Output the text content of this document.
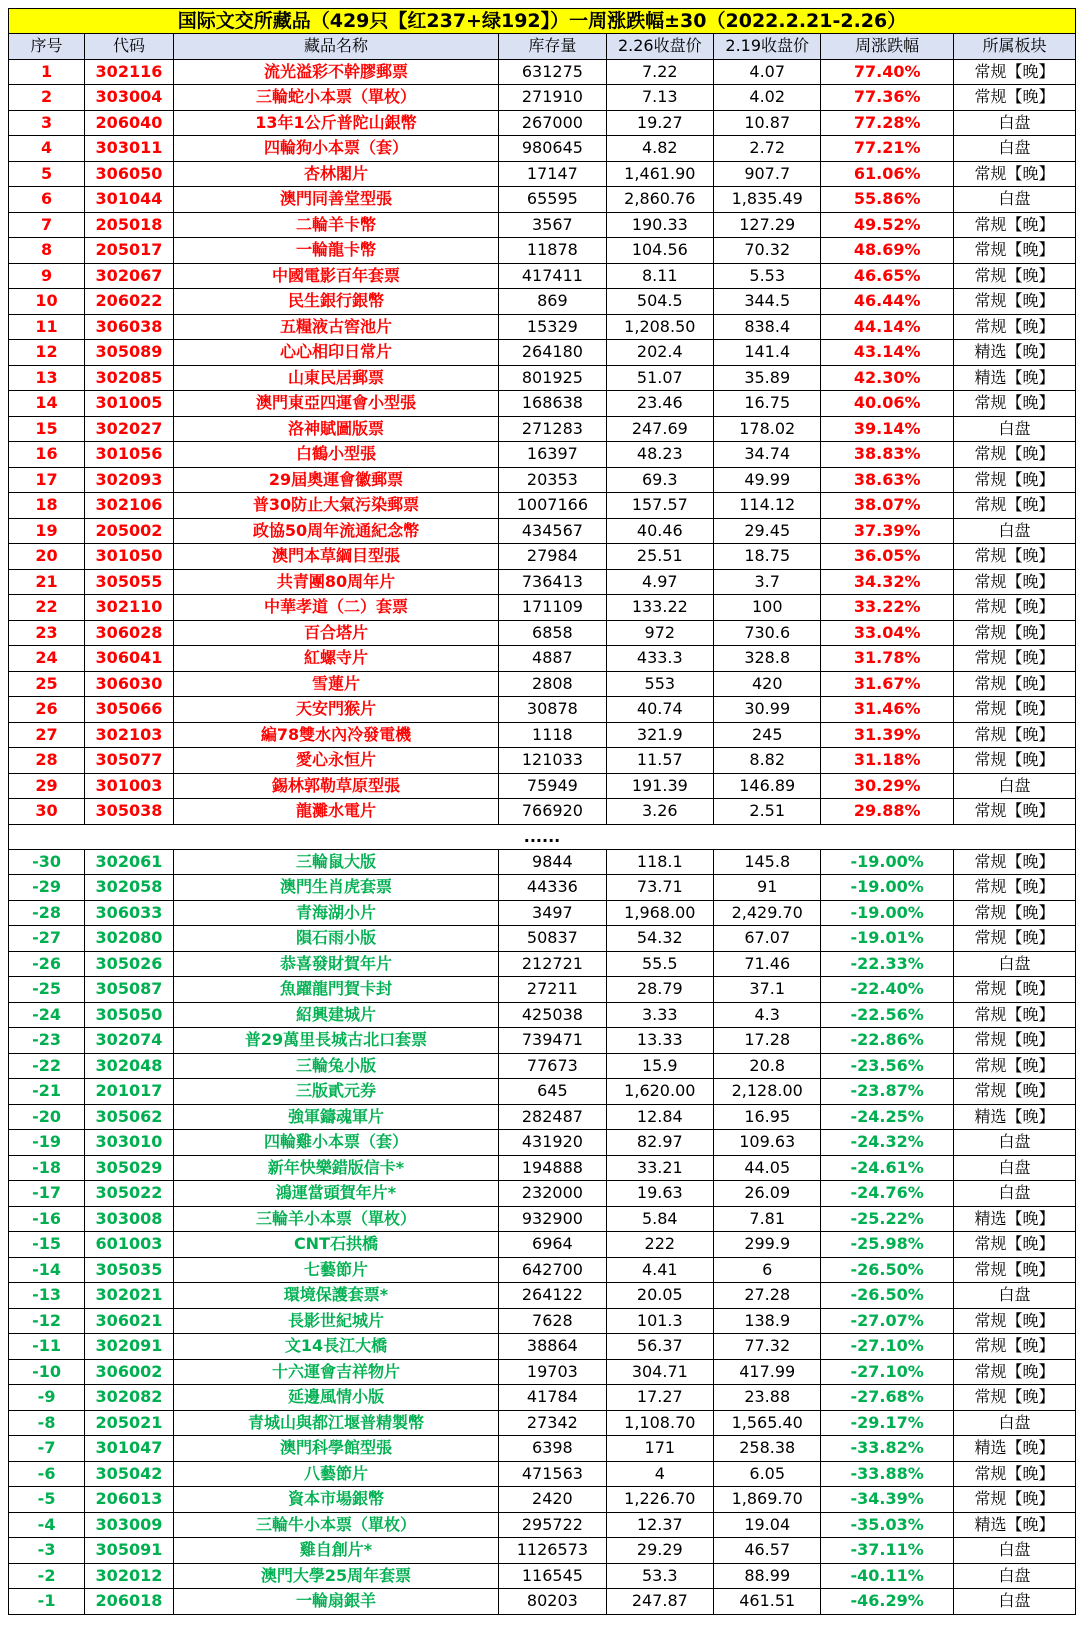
国际文交所藏品（429只【红237+绿192】）一周涨跌幅±30（2022.2.21-2.26）							
序号	代码	藏品名称	库存量	2.26收盘价	2.19收盘价	周涨跌幅	所属板块
1	302116	流光溢彩不幹膠郵票	631275	7.22	4.07	77.40%	常规【晚】
2	303004	三輪蛇小本票（單枚）	271910	7.13	4.02	77.36%	常规【晚】
3	206040	13年1公斤普陀山銀幣	267000	19.27	10.87	77.28%	白盘
4	303011	四輪狗小本票（套）	980645	4.82	2.72	77.21%	白盘
5	306050	杏林閣片	17147	1,461.90	907.7	61.06%	常规【晚】
6	301044	澳門同善堂型張	65595	2,860.76	1,835.49	55.86%	白盘
7	205018	二輪羊卡幣	3567	190.33	127.29	49.52%	常规【晚】
8	205017	一輪龍卡幣	11878	104.56	70.32	48.69%	常规【晚】
9	302067	中國電影百年套票	417411	8.11	5.53	46.65%	常规【晚】
10	206022	民生銀行銀幣	869	504.5	344.5	46.44%	常规【晚】
11	306038	五糧液古窖池片	15329	1,208.50	838.4	44.14%	常规【晚】
12	305089	心心相印日常片	264180	202.4	141.4	43.14%	精选【晚】
13	302085	山東民居郵票	801925	51.07	35.89	42.30%	精选【晚】
14	301005	澳門東亞四運會小型張	168638	23.46	16.75	40.06%	常规【晚】
15	302027	洛神賦圖版票	271283	247.69	178.02	39.14%	白盘
16	301056	白鶴小型張	16397	48.23	34.74	38.83%	常规【晚】
17	302093	29屆奧運會徽郵票	20353	69.3	49.99	38.63%	常规【晚】
18	302106	普30防止大氣污染郵票	1007166	157.57	114.12	38.07%	常规【晚】
19	205002	政協50周年流通紀念幣	434567	40.46	29.45	37.39%	白盘
20	301050	澳門本草綱目型張	27984	25.51	18.75	36.05%	常规【晚】
21	305055	共青團80周年片	736413	4.97	3.7	34.32%	常规【晚】
22	302110	中華孝道（二）套票	171109	133.22	100	33.22%	常规【晚】
23	306028	百合塔片	6858	972	730.6	33.04%	常规【晚】
24	306041	紅螺寺片	4887	433.3	328.8	31.78%	常规【晚】
25	306030	雪蓮片	2808	553	420	31.67%	常规【晚】
26	305066	天安門猴片	30878	40.74	30.99	31.46%	常规【晚】
27	302103	編78雙水內冷發電機	1118	321.9	245	31.39%	常规【晚】
28	305077	愛心永恒片	121033	11.57	8.82	31.18%	常规【晚】
29	301003	錫林郭勒草原型張	75949	191.39	146.89	30.29%	白盘
30	305038	龍灘水電片	766920	3.26	2.51	29.88%	常规【晚】
......							
-30	302061	三輪鼠大版	9844	118.1	145.8	-19.00%	常规【晚】
-29	302058	澳門生肖虎套票	44336	73.71	91	-19.00%	常规【晚】
-28	306033	青海湖小片	3497	1,968.00	2,429.70	-19.00%	常规【晚】
-27	302080	隕石雨小版	50837	54.32	67.07	-19.01%	常规【晚】
-26	305026	恭喜發財賀年片	212721	55.5	71.46	-22.33%	白盘
-25	305087	魚躍龍門賀卡封	27211	28.79	37.1	-22.40%	常规【晚】
-24	305050	紹興建城片	425038	3.33	4.3	-22.56%	常规【晚】
-23	302074	普29萬里長城古北口套票	739471	13.33	17.28	-22.86%	常规【晚】
-22	302048	三輪兔小版	77673	15.9	20.8	-23.56%	常规【晚】
-21	201017	三版貳元券	645	1,620.00	2,128.00	-23.87%	常规【晚】
-20	305062	強軍鑄魂軍片	282487	12.84	16.95	-24.25%	精选【晚】
-19	303010	四輪雞小本票（套）	431920	82.97	109.63	-24.32%	白盘
-18	305029	新年快樂錯版信卡*	194888	33.21	44.05	-24.61%	白盘
-17	305022	鴻運當頭賀年片*	232000	19.63	26.09	-24.76%	白盘
-16	303008	三輪羊小本票（單枚）	932900	5.84	7.81	-25.22%	精选【晚】
-15	601003	CNT石拱橋	6964	222	299.9	-25.98%	常规【晚】
-14	305035	七藝節片	642700	4.41	6	-26.50%	常规【晚】
-13	302021	環境保護套票*	264122	20.05	27.28	-26.50%	白盘
-12	306021	長影世紀城片	7628	101.3	138.9	-27.07%	常规【晚】
-11	302091	文14長江大橋	38864	56.37	77.32	-27.10%	常规【晚】
-10	306002	十六運會吉祥物片	19703	304.71	417.99	-27.10%	常规【晚】
-9	302082	延邊風情小版	41784	17.27	23.88	-27.68%	常规【晚】
-8	205021	青城山與都江堰普精製幣	27342	1,108.70	1,565.40	-29.17%	白盘
-7	301047	澳門科學館型張	6398	171	258.38	-33.82%	精选【晚】
-6	305042	八藝節片	471563	4	6.05	-33.88%	常规【晚】
-5	206013	資本市場銀幣	2420	1,226.70	1,869.70	-34.39%	常规【晚】
-4	303009	三輪牛小本票（單枚）	295722	12.37	19.04	-35.03%	精选【晚】
-3	305091	雞自創片*	1126573	29.29	46.57	-37.11%	白盘
-2	302012	澳門大學25周年套票	116545	53.3	88.99	-40.11%	白盘
-1	206018	一輪扇銀羊	80203	247.87	461.51	-46.29%	白盘
